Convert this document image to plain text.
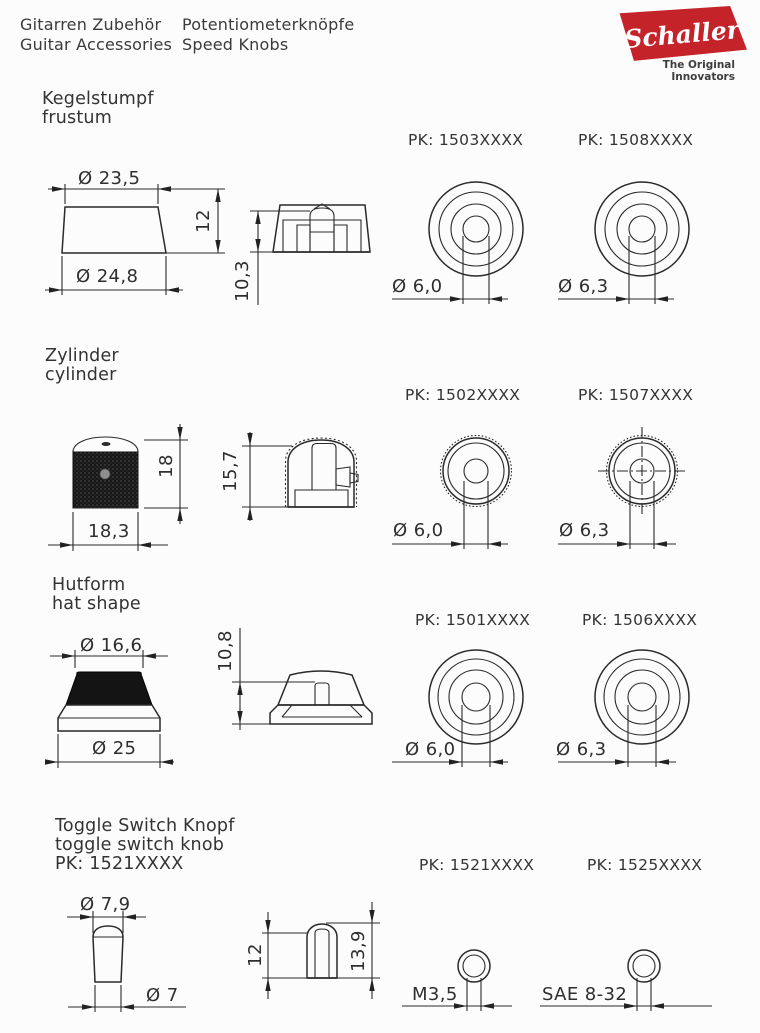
Gitarren Zubehör
Guitar Accessories
Potentiometerknöpfe
Speed Knobs	Schaller
The Original Innovators
Kegelstumpf
frustum
PK: 1503XXXX	PK: 1508XXXX
Ø 23,5
Ø 24,8
12
10,3	Ø 6,0	Ø 6,3
Zylinder
cylinder
PK: 1502XXXX	PK: 1507XXXX
18
18,3
15,7
Ø 6,0	Ø 6,3
Hutform
hat shape
PK: 1501XXXX	PK: 1506XXXX
Ø 16,6
Ø 25
10,8
Ø 6,0	Ø 6,3
Toggle Switch Knopf
toggle switch knob
PK: 1521XXXX	PK: 1521XXXX	PK: 1525XXXX
Ø 7,9
Ø 7
12	13,9
M3,5	SAE 8-32
